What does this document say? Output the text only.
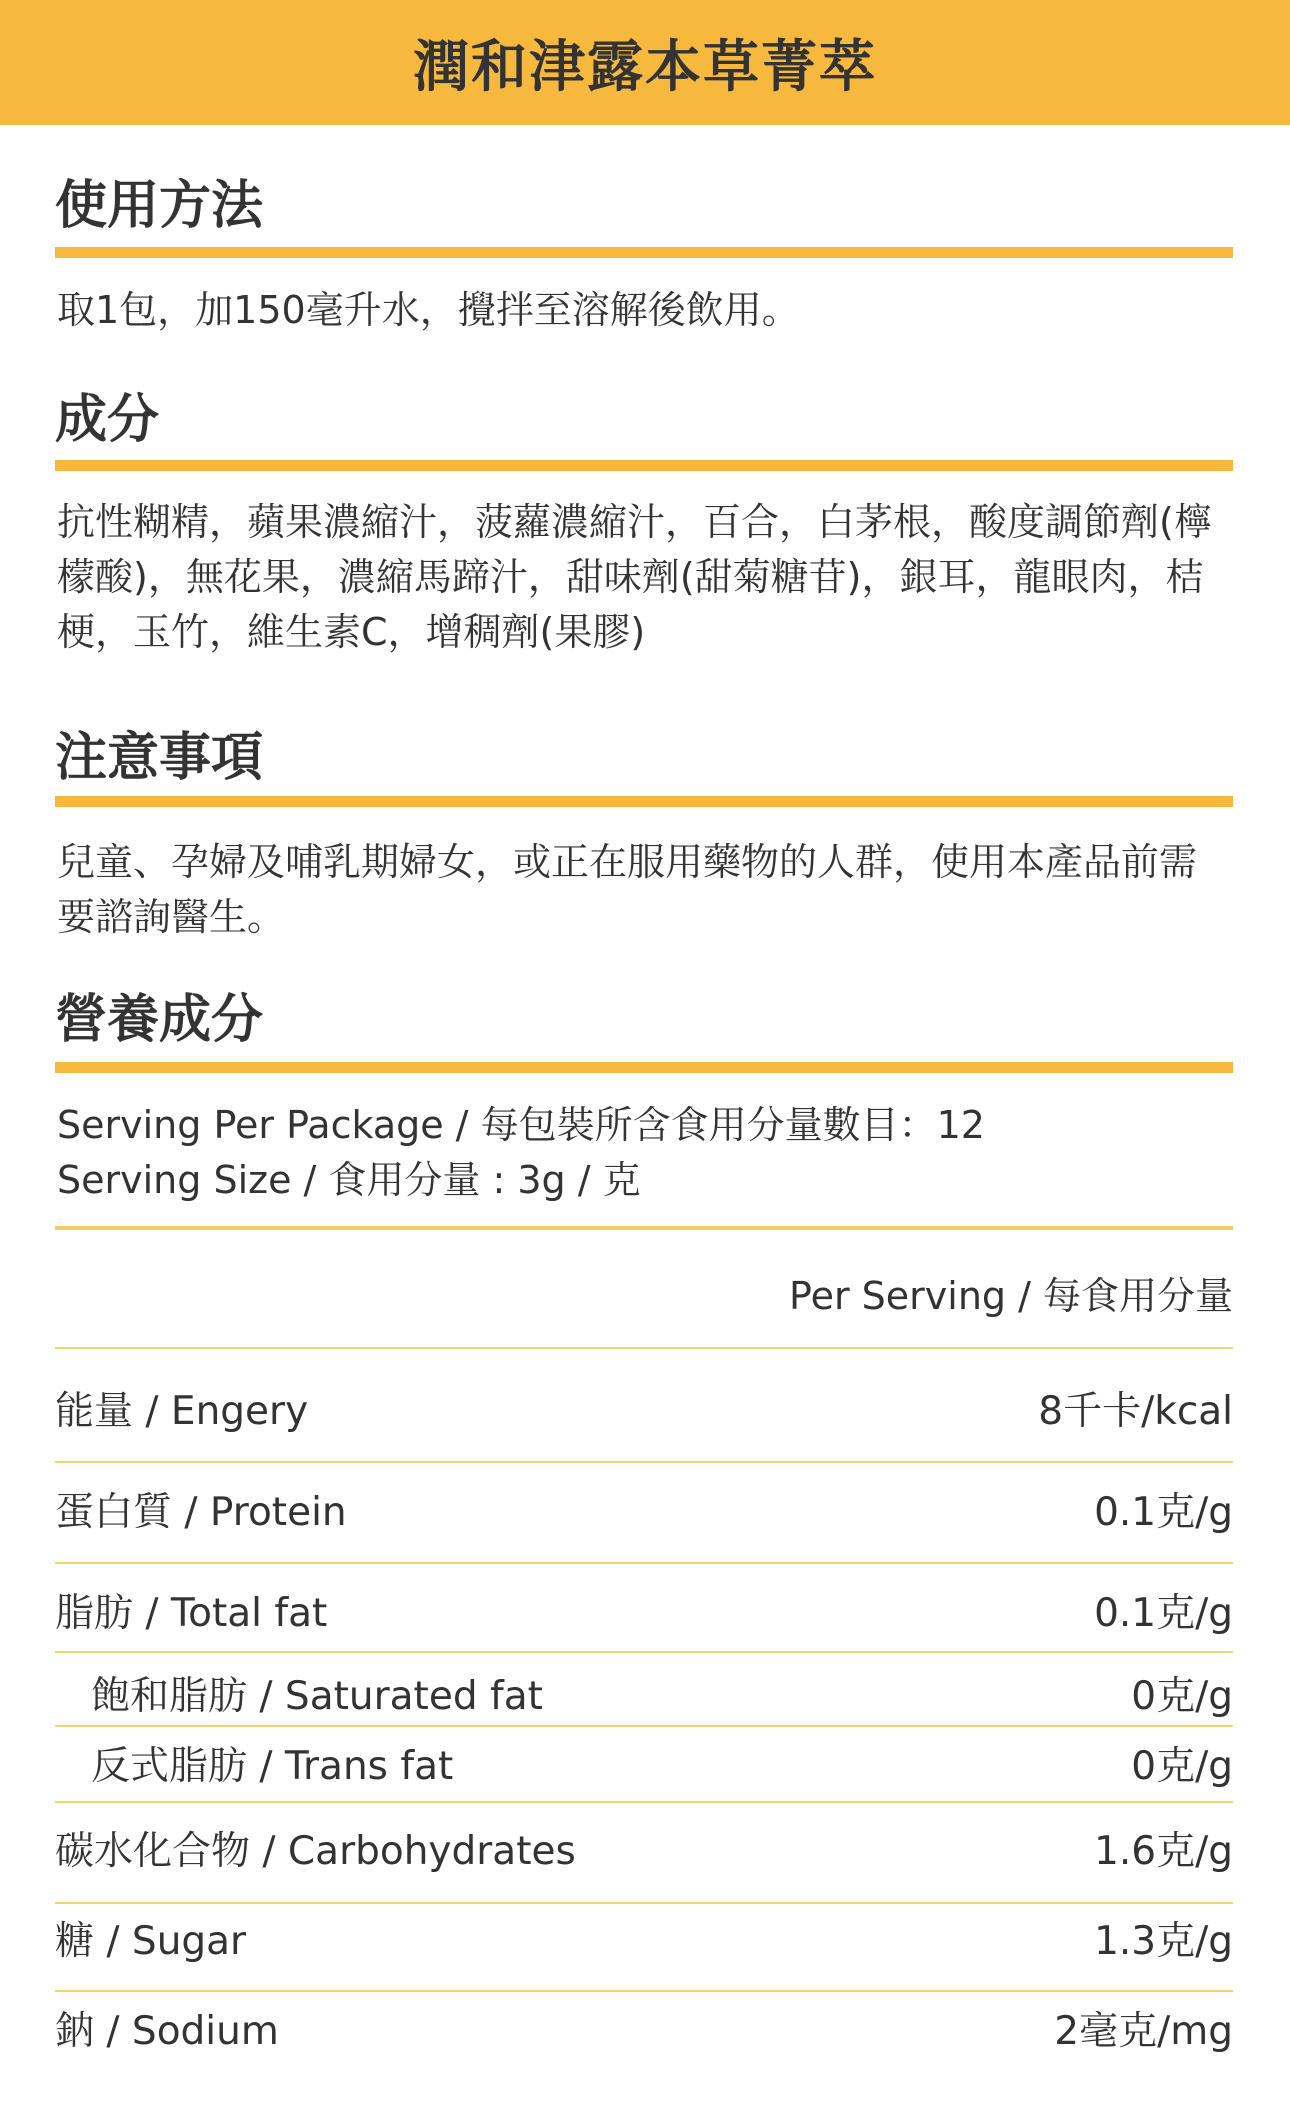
潤和津露本草菁萃
使用方法
取1包，加150毫升水，攪拌至溶解後飲用。
成分
抗性糊精，蘋果濃縮汁，菠蘿濃縮汁，百合，白茅根，酸度調節劑(檸檬酸)，無花果，濃縮馬蹄汁，甜味劑(甜菊糖苷)，銀耳，龍眼肉，桔梗，玉竹，維生素C，增稠劑(果膠)
注意事項
兒童、孕婦及哺乳期婦女，或正在服用藥物的人群，使用本產品前需要諮詢醫生。
營養成分
Serving Per Package / 每包裝所含食用分量數目：12
Serving Size / 食用分量 : 3g / 克
Per Serving / 每食用分量
能量 / Engery	8千卡/kcal
蛋白質 / Protein	0.1克/g
脂肪 / Total fat	0.1克/g
飽和脂肪 / Saturated fat	0克/g
反式脂肪 / Trans fat	0克/g
碳水化合物 / Carbohydrates	1.6克/g
糖 / Sugar	1.3克/g
鈉 / Sodium	2毫克/mg
